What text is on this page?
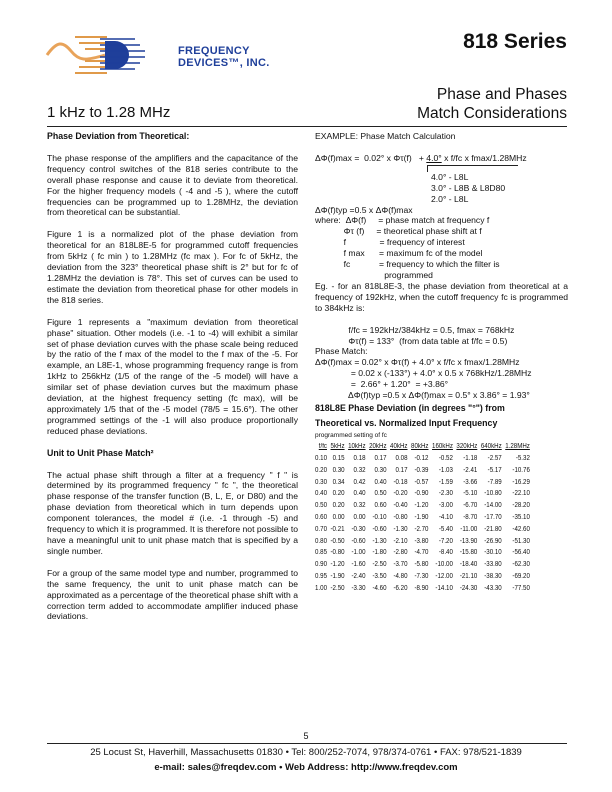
FREQUENCY
DEVICES™, INC.
818 Series
1 kHz to 1.28 MHz
Phase and Phases
Match Considerations
Phase Deviation from Theoretical:

The phase response of the amplifiers and the capacitance of the frequency control switches of the 818 series contribute to the overall phase response and cause it to deviate from theoretical. For the higher frequency models ( -4 and -5 ), where the cutoff frequencies can be programmed up to 1.28MHz, the deviation from theoretical can be substantial.

Figure 1 is a normalized plot of the phase deviation from theoretical for an 818L8E-5 for programmed cutoff frequencies from 5kHz ( fc min ) to 1.28MHz (fc max ). For fc of 5kHz, the deviation from the 323° theoretical phase shift is 2° but for fc of 1.28MHz the deviation is 78°. This set of curves can be used to estimate the deviation from theoretical phase for other models in the 818 series.

Figure 1 represents a "maximum deviation from theoretical phase" situation. Other models (i.e. -1 to -4) will exhibit a similar set of phase deviation curves with the phase scale being reduced by the ratio of the f max of the model to the f max of the -5. For example, an L8E-1, whose programming frequency range is from 1kHz to 256kHz (1/5 of the range of the -5 model) will have a similar set of phase deviation curves but the maximum phase deviation, at the highest frequency setting (fc max), will be approximately 1/5 that of the -5 model (78/5 = 15.6°). The other programmed settings of the -1 will also produce proportionally reduced phase deviations.

Unit to Unit Phase Match²

The actual phase shift through a filter at a frequency " f " is determined by its programmed frequency " fc ", the theoretical phase response of the transfer function (B, L, E, or D80) and the phase deviation from theoretical which in turn depends upon component tolerances, the model # (i.e. -1 through -5) and frequency to which it is programmed. It is therefore not possible to have a meaningful unit to unit phase match that is specified by a single number.

For a group of the same model type and number, programmed to the same frequency, the unit to unit phase match can be approximated as a percentage of the theoretical phase shift with a correction term added to accommodate amplifier induced phase deviations.

EXAMPLE: Phase Match Calculation

ΔΦ(f)max =  0.02° x Φτ(f)   + 4.0° x f/fc x fmax/1.28MHz
4.0° - L8L
3.0° - L8B & L8D80
2.0° - L8L

ΔΦ(f)typ =0.5 x ΔΦ(f)max

where:  ΔΦ(f)     = phase match at frequency f
Φτ (f)     = theoretical phase shift at f
f              = frequency of interest
f max      = maximum fc of the model
fc            = frequency to which the filter is
programmed

Eg. - for an 818L8E-3, the phase deviation from theoretical at a frequency of 192kHz, when the cutoff frequency fc is programmed to 384kHz is:

f/fc = 192kHz/384kHz = 0.5, fmax = 768kHz
Φτ(f) = 133°  (from data table at f/fc = 0.5)

Phase Match:

ΔΦ(f)max = 0.02° x Φτ(f) + 4.0° x f/fc x fmax/1.28MHz
= 0.02 x (-133°) + 4.0° x 0.5 x 768kHz/1.28MHz
=  2.66° + 1.20°  = +3.86°

ΔΦ(f)typ =0.5 x ΔΦ(f)max = 0.5° x 3.86° = 1.93°

818L8E Phase Deviation (in degrees "°") from
Theoretical vs. Normalized Input Frequency
programmed setting of fc
f/fc	5kHz	10kHz	20kHz	40kHz	80kHz	160kHz	320kHz	640kHz	1.28MHz
0.10	0.15	0.18	0.17	0.08	-0.12	-0.52	-1.18	-2.57	-5.32
0.20	0.30	0.32	0.30	0.17	-0.39	-1.03	-2.41	-5.17	-10.76
0.30	0.34	0.42	0.40	-0.18	-0.57	-1.59	-3.66	-7.89	-16.29
0.40	0.20	0.40	0.50	-0.20	-0.90	-2.30	-5.10	-10.80	-22.10
0.50	0.20	0.32	0.60	-0.40	-1.20	-3.00	-6.70	-14.00	-28.20
0.60	0.00	0.00	-0.10	-0.80	-1.90	-4.10	-8.70	-17.70	-35.10
0.70	-0.21	-0.30	-0.60	-1.30	-2.70	-5.40	-11.00	-21.80	-42.60
0.80	-0.50	-0.60	-1.30	-2.10	-3.80	-7.20	-13.90	-26.90	-51.30
0.85	-0.80	-1.00	-1.80	-2.80	-4.70	-8.40	-15.80	-30.10	-56.40
0.90	-1.20	-1.60	-2.50	-3.70	-5.80	-10.00	-18.40	-33.80	-62.30
0.95	-1.90	-2.40	-3.50	-4.80	-7.30	-12.00	-21.10	-38.30	-69.20
1.00	-2.50	-3.30	-4.60	-6.20	-8.90	-14.10	-24.30	-43.30	-77.50
5
25 Locust St, Haverhill, Massachusetts 01830 • Tel: 800/252-7074, 978/374-0761 • FAX: 978/521-1839
e-mail: sales@freqdev.com • Web Address: http://www.freqdev.com
